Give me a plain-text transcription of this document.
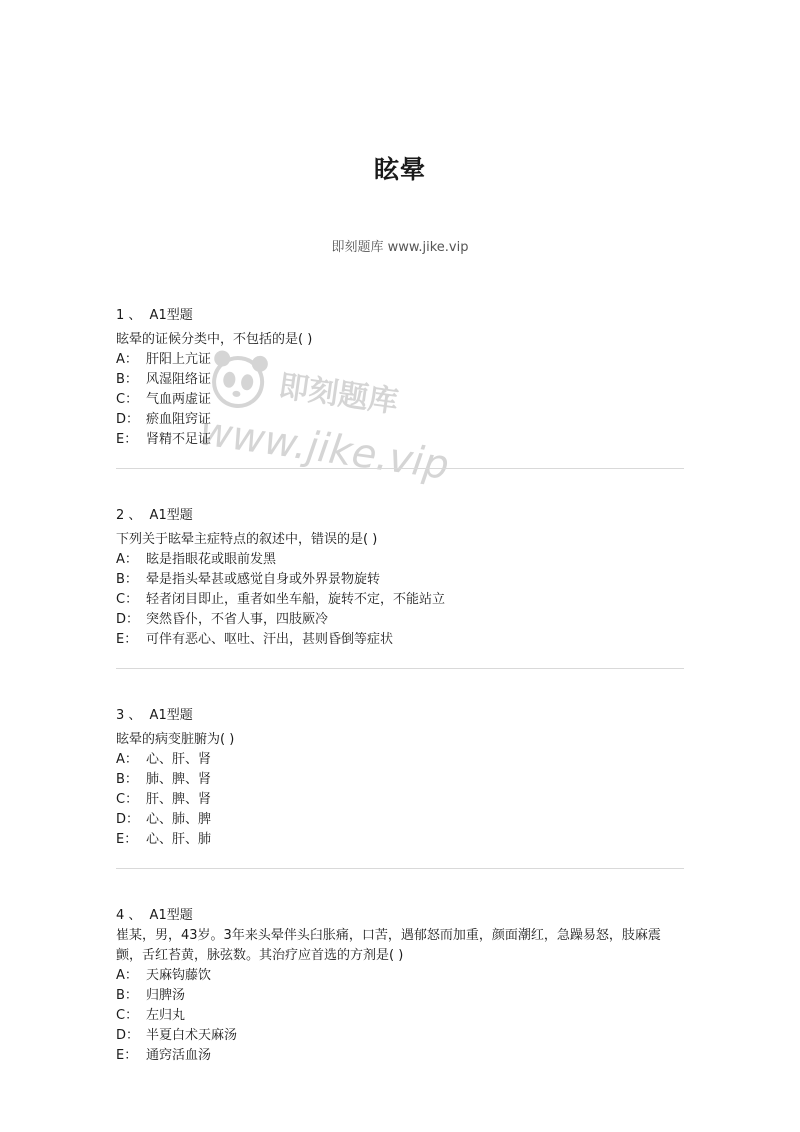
眩晕
即刻题库 www.jike.vip
即刻题库
www.jike.vip
1 、 A1型题
眩晕的证候分类中，不包括的是( )
A： 肝阳上亢证
B： 风湿阻络证
C： 气血两虚证
D： 瘀血阻窍证
E： 肾精不足证
2 、 A1型题
下列关于眩晕主症特点的叙述中，错误的是( )
A： 眩是指眼花或眼前发黑
B： 晕是指头晕甚或感觉自身或外界景物旋转
C： 轻者闭目即止，重者如坐车船，旋转不定，不能站立
D： 突然昏仆，不省人事，四肢厥冷
E： 可伴有恶心、呕吐、汗出，甚则昏倒等症状
3 、 A1型题
眩晕的病变脏腑为( )
A： 心、肝、肾
B： 肺、脾、肾
C： 肝、脾、肾
D： 心、肺、脾
E： 心、肝、肺
4 、 A1型题
崔某，男，43岁。3年来头晕伴头臼胀痛，口苦，遇郁怒而加重，颜面潮红，急躁易怒，肢麻震颤，舌红苔黄，脉弦数。其治疗应首选的方剂是( )
A： 天麻钩藤饮
B： 归脾汤
C： 左归丸
D： 半夏白术天麻汤
E： 通窍活血汤
